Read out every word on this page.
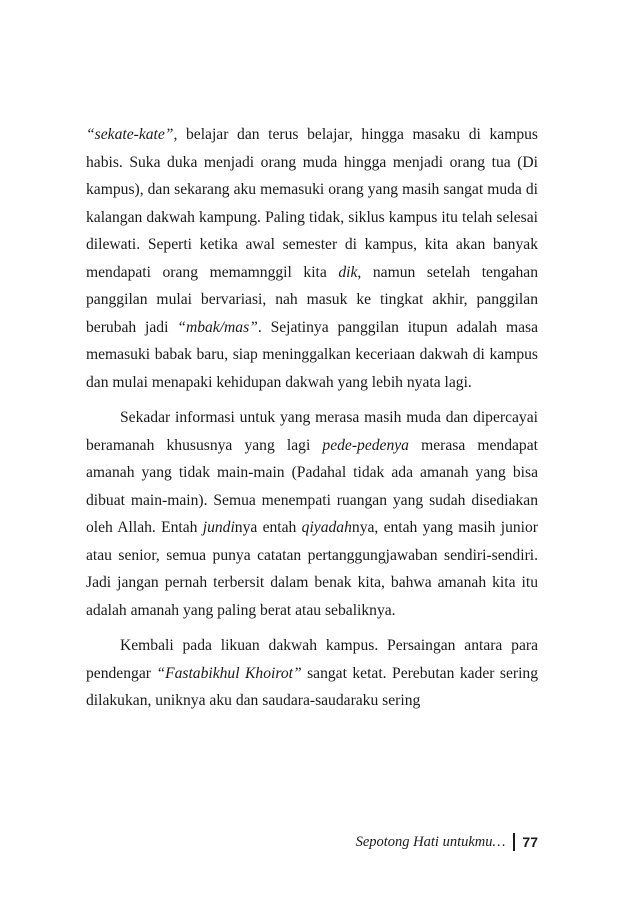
“sekate-kate”, belajar dan terus belajar, hingga masaku di kampus habis. Suka duka menjadi orang muda hingga menjadi orang tua (Di kampus), dan sekarang aku memasuki orang yang masih sangat muda di kalangan dakwah kampung. Paling tidak, siklus kampus itu telah selesai dilewati. Seperti ketika awal semester di kampus, kita akan banyak mendapati orang memamnggil kita dik, namun setelah tengahan panggilan mulai bervariasi, nah masuk ke tingkat akhir, panggilan berubah jadi “mbak/mas”. Sejatinya panggilan itupun adalah masa memasuki babak baru, siap meninggalkan keceriaan dakwah di kampus dan mulai menapaki kehidupan dakwah yang lebih nyata lagi.

Sekadar informasi untuk yang merasa masih muda dan dipercayai beramanah khususnya yang lagi pede-pedenya merasa mendapat amanah yang tidak main-main (Padahal tidak ada amanah yang bisa dibuat main-main). Semua menempati ruangan yang sudah disediakan oleh Allah. Entah jundinya entah qiyadahnya, entah yang masih junior atau senior, semua punya catatan pertanggungjawaban sendiri-sendiri. Jadi jangan pernah terbersit dalam benak kita, bahwa amanah kita itu adalah amanah yang paling berat atau sebaliknya.

Kembali pada likuan dakwah kampus. Persaingan antara para pendengar “Fastabikhul Khoirot” sangat ketat. Perebutan kader sering dilakukan, uniknya aku dan saudara-saudaraku sering

Sepotong Hati untukmu… 77
